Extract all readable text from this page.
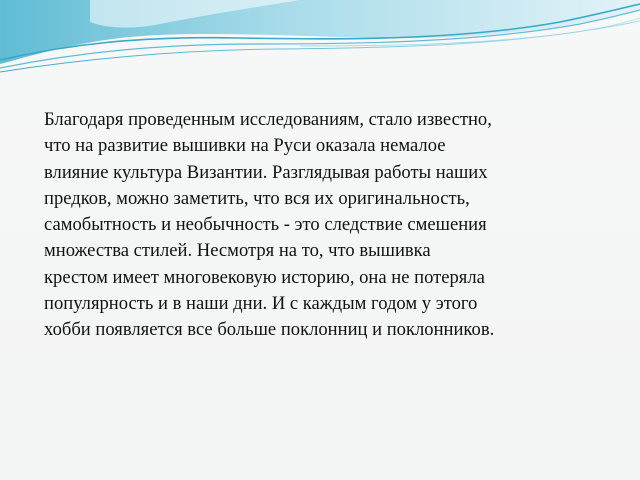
Благодаря проведенным исследованиям, стало известно,
что на развитие вышивки на Руси оказала немалое
влияние культура Византии. Разглядывая работы наших
предков, можно заметить, что вся их оригинальность,
самобытность и необычность - это следствие смешения
множества стилей. Несмотря на то, что вышивка
крестом имеет многовековую историю, она не потеряла
популярность и в наши дни. И с каждым годом у этого
хобби появляется все больше поклонниц и поклонников.
